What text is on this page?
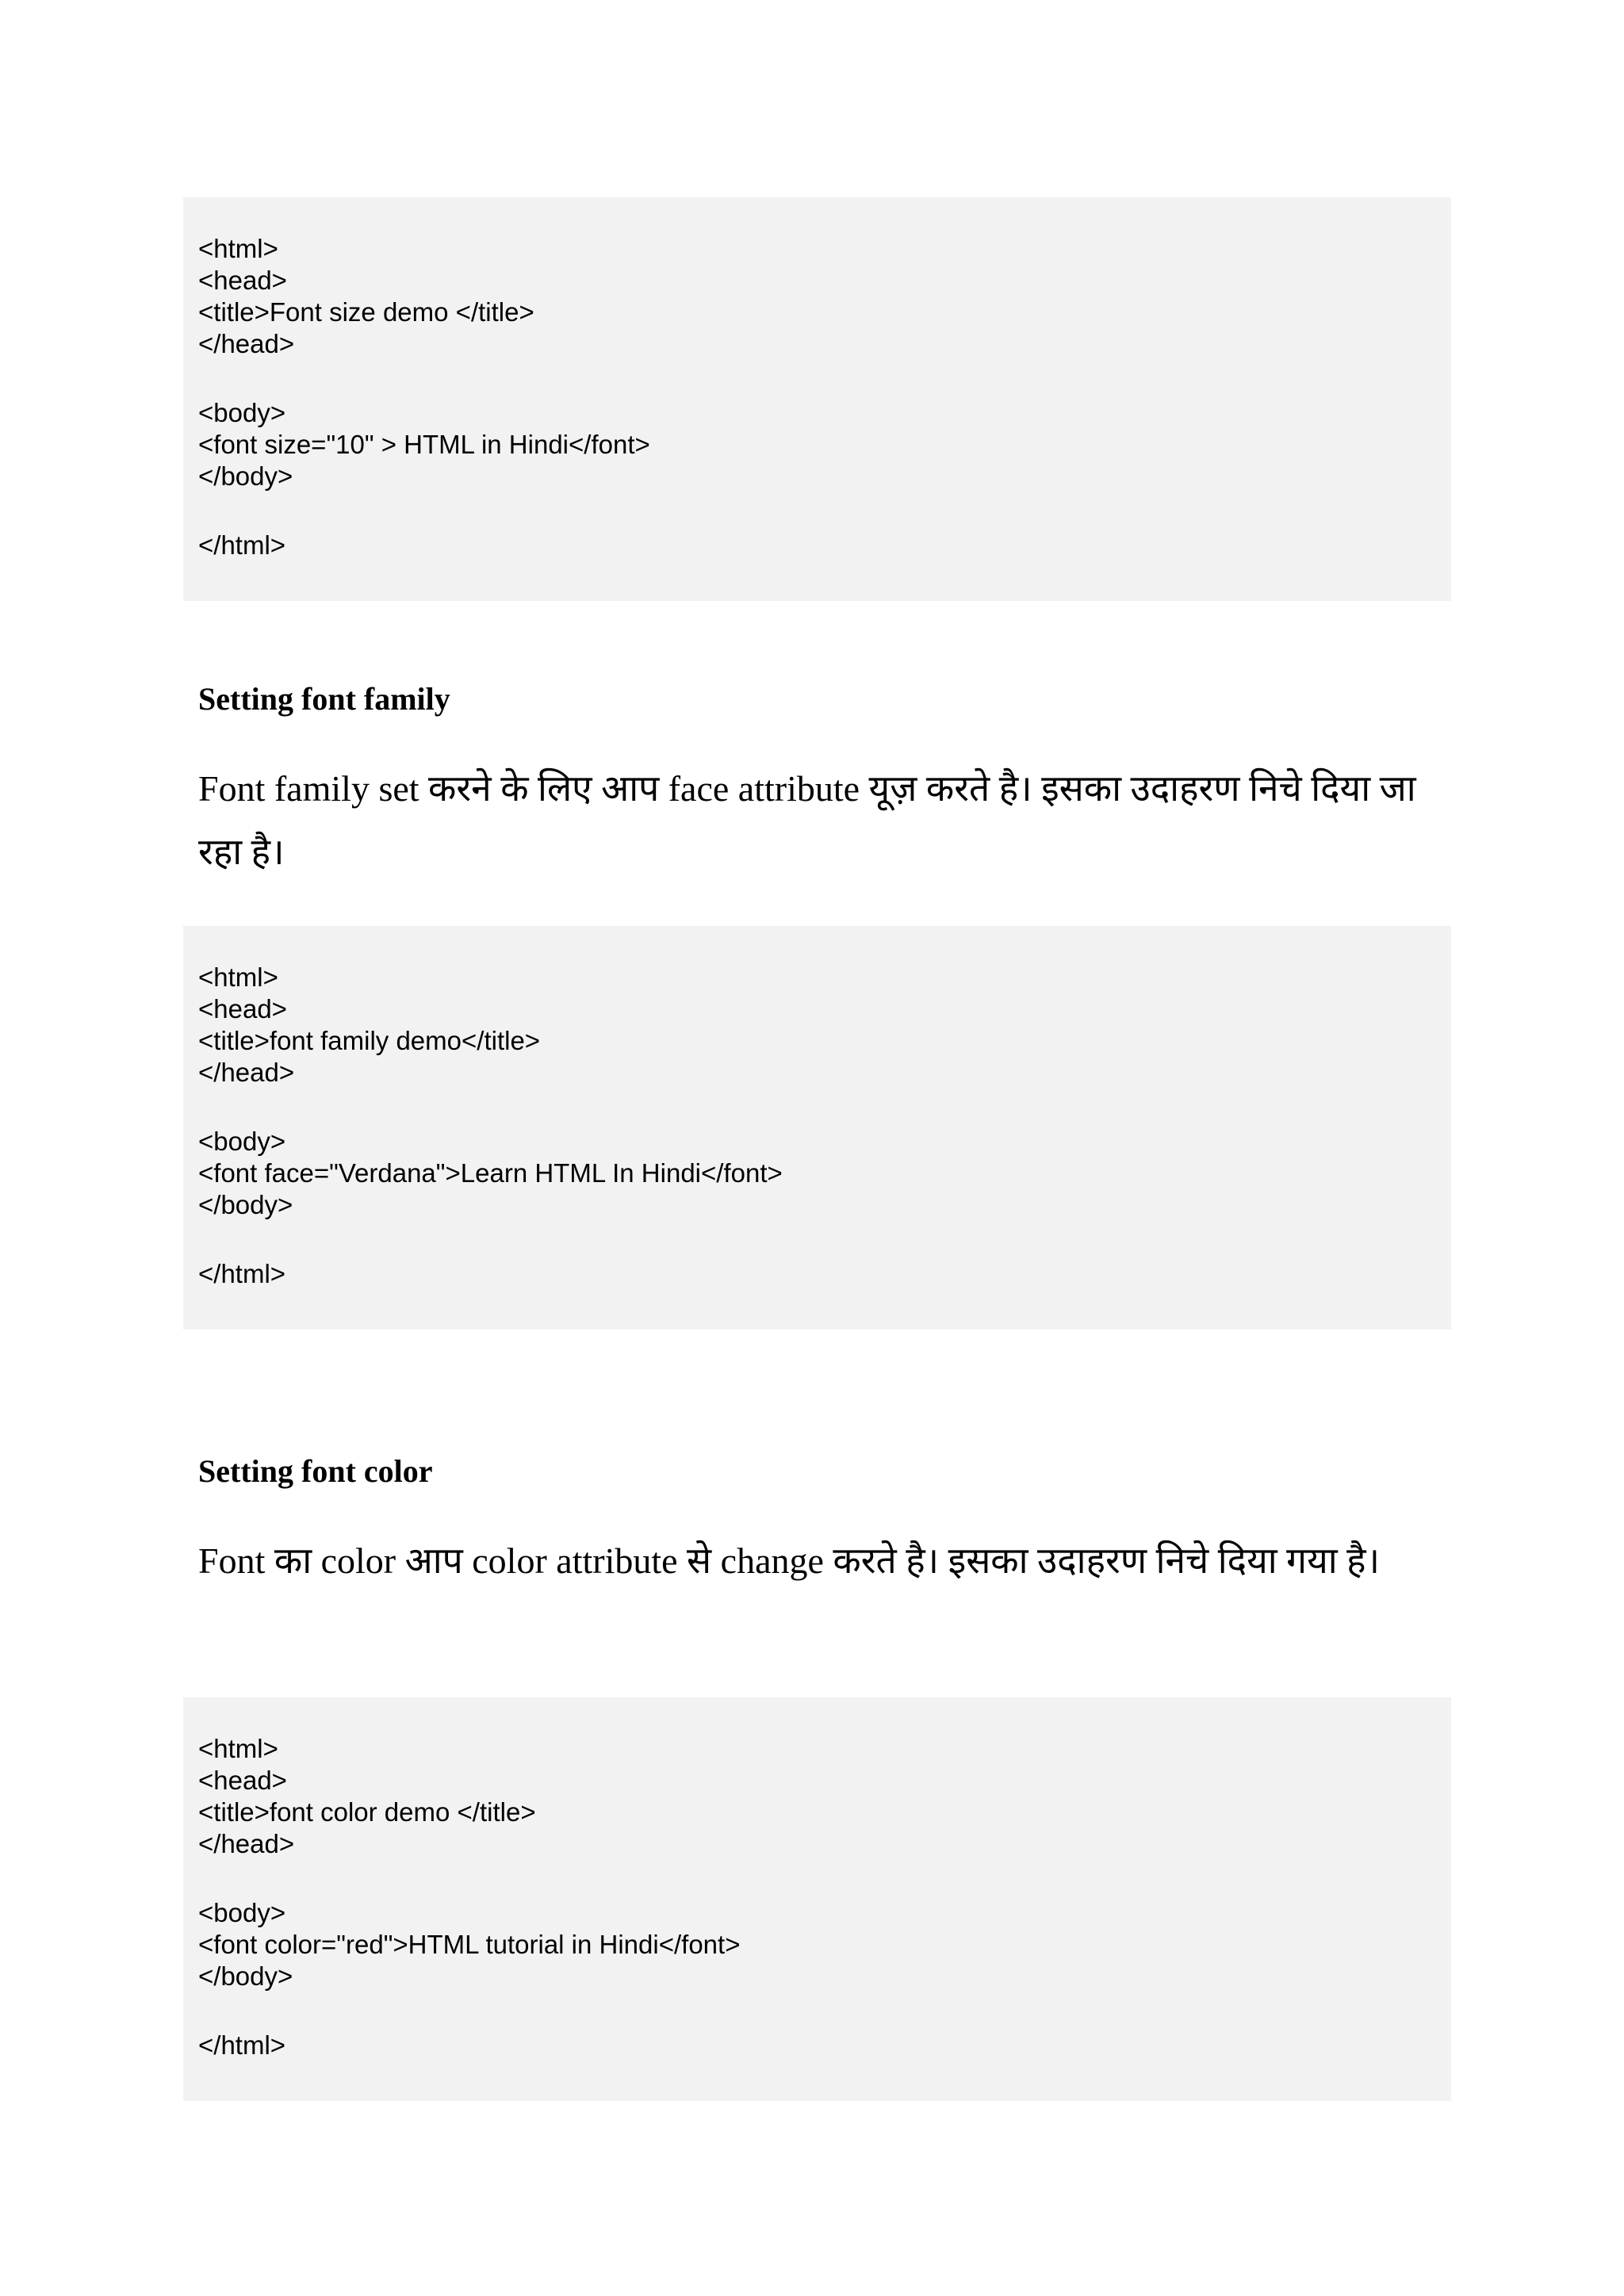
<html>
<head>
<title>Font size demo </title>
</head>
<body>
<font size="10" > HTML in Hindi</font>
</body>
</html>
Setting font family
Font family set करने के लिए आप face attribute यूज़ करते है। इसका उदाहरण निचे दिया जा रहा है।
<html>
<head>
<title>font family demo</title>
</head>
<body>
<font face="Verdana">Learn HTML In Hindi</font>
</body>
</html>
Setting font color
Font का color आप color attribute से change करते है। इसका उदाहरण निचे दिया गया है।
<html>
<head>
<title>font color demo </title>
</head>
<body>
<font color="red">HTML tutorial in Hindi</font>
</body>
</html>
